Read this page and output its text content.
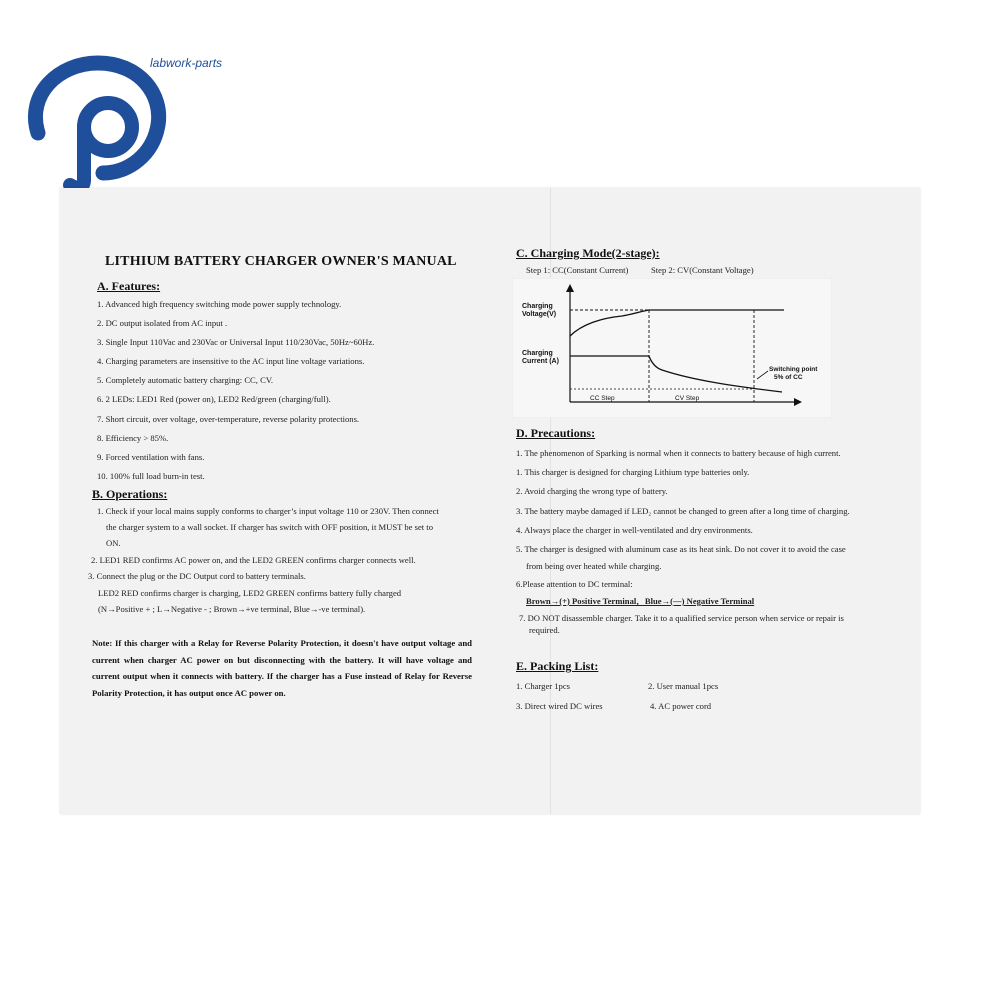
labwork-parts
LITHIUM BATTERY CHARGER OWNER'S MANUAL
A. Features:
1. Advanced high frequency switching mode power supply technology.
2. DC output isolated from AC input .
3. Single Input 110Vac and 230Vac or Universal Input 110/230Vac, 50Hz~60Hz.
4. Charging parameters are insensitive to the AC input line voltage variations.
5. Completely automatic battery charging: CC, CV.
6. 2 LEDs: LED1 Red (power on), LED2 Red/green (charging/full).
7. Short circuit, over voltage, over-temperature, reverse polarity protections.
8. Efficiency > 85%.
9. Forced ventilation with fans.
10. 100% full load burn-in test.
B. Operations:
1. Check if your local mains supply conforms to charger’s input voltage 110 or 230V. Then connect
the charger system to a wall socket. If charger has switch with OFF position, it MUST be set to
ON.
2. LED1 RED confirms AC power on, and the LED2 GREEN confirms charger connects well.
3. Connect the plug or the DC Output cord to battery terminals.
LED2 RED confirms charger is charging, LED2 GREEN confirms battery fully charged
(N→Positive + ; L→Negative - ; Brown→+ve terminal, Blue→-ve terminal).
Note: If this charger with a Relay for Reverse Polarity Protection, it doesn't have output voltage and current when charger AC power on but disconnecting with the battery. It will have voltage and current output when it connects with battery. If the charger has a Fuse instead of Relay for Reverse Polarity Protection, it has output once AC power on.
C. Charging Mode(2-stage):
Step 1: CC(Constant Current)	Step 2: CV(Constant Voltage)
Charging
Voltage(V)
Charging
Current (A)
CC Step	CV Step
Switching point
5% of CC
D. Precautions:
1. The phenomenon of Sparking is normal when it connects to battery because of high current.
1. This charger is designed for charging Lithium type batteries only.
2. Avoid charging the wrong type of battery.
3. The battery maybe damaged if LED₂ cannot be changed to green after a long time of charging.
4. Always place the charger in well-ventilated and dry environments.
5. The charger is designed with aluminum case as its heat sink. Do not cover it to avoid the case
from being over heated while charging.
6.Please attention to DC terminal:
Brown→(+) Positive Terminal，Blue→(—) Negative Terminal
7. DO NOT disassemble charger. Take it to a qualified service person when service or repair is
required.
E. Packing List:
1. Charger 1pcs	2. User manual 1pcs
3. Direct wired DC wires	4. AC power cord
